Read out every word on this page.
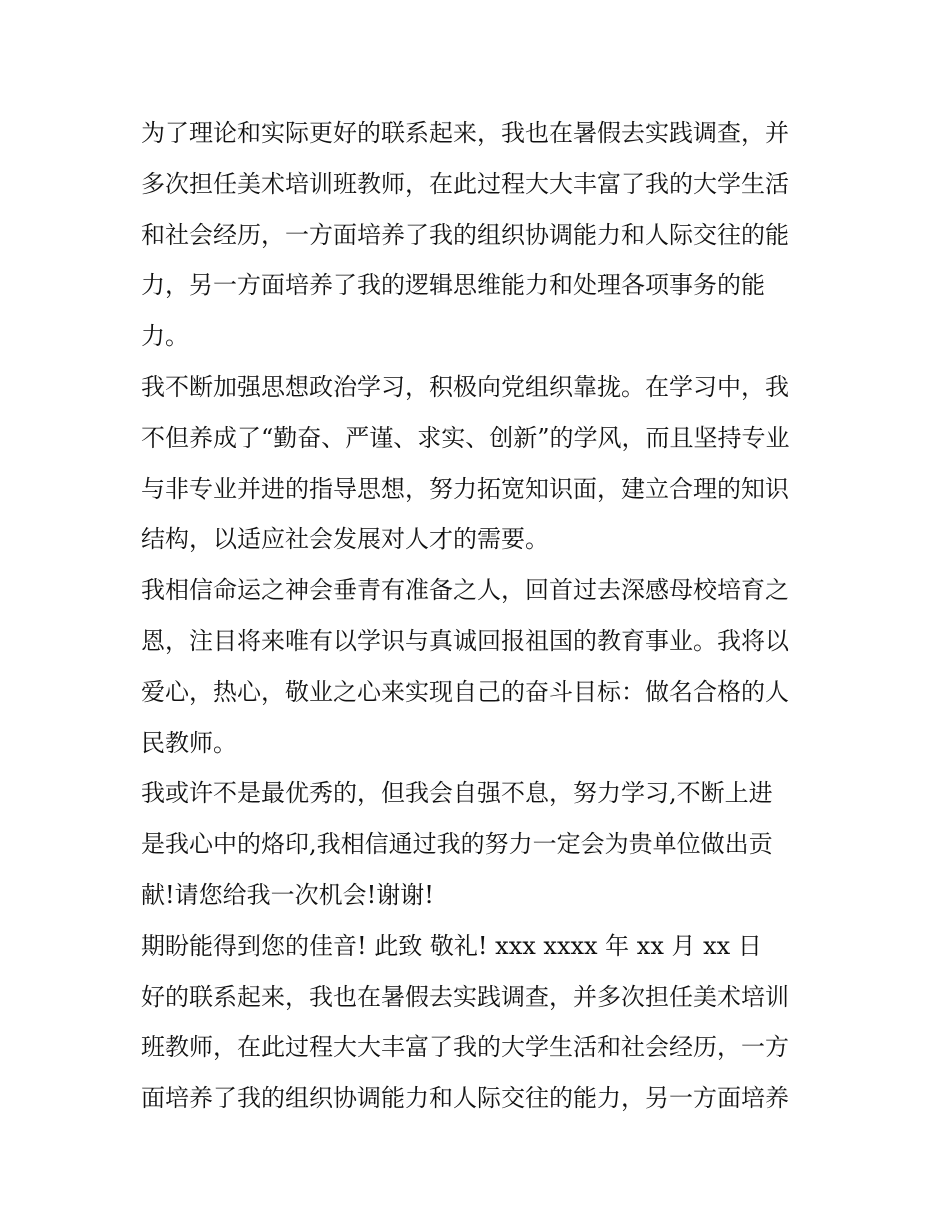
为了理论和实际更好的联系起来，我也在暑假去实践调查，并
多次担任美术培训班教师，在此过程大大丰富了我的大学生活
和社会经历，一方面培养了我的组织协调能力和人际交往的能
力，另一方面培养了我的逻辑思维能力和处理各项事务的能
力。
我不断加强思想政治学习，积极向党组织靠拢。在学习中，我
不但养成了“勤奋、严谨、求实、创新”的学风，而且坚持专业
与非专业并进的指导思想，努力拓宽知识面，建立合理的知识
结构，以适应社会发展对人才的需要。
我相信命运之神会垂青有准备之人，回首过去深感母校培育之
恩，注目将来唯有以学识与真诚回报祖国的教育事业。我将以
爱心，热心，敬业之心来实现自己的奋斗目标：做名合格的人
民教师。
我或许不是最优秀的，但我会自强不息，努力学习,不断上进
是我心中的烙印,我相信通过我的努力一定会为贵单位做出贡
献!请您给我一次机会!谢谢!
期盼能得到您的佳音! 此致 敬礼! xxx xxxx 年 xx 月 xx 日
好的联系起来，我也在暑假去实践调查，并多次担任美术培训
班教师，在此过程大大丰富了我的大学生活和社会经历，一方
面培养了我的组织协调能力和人际交往的能力，另一方面培养
